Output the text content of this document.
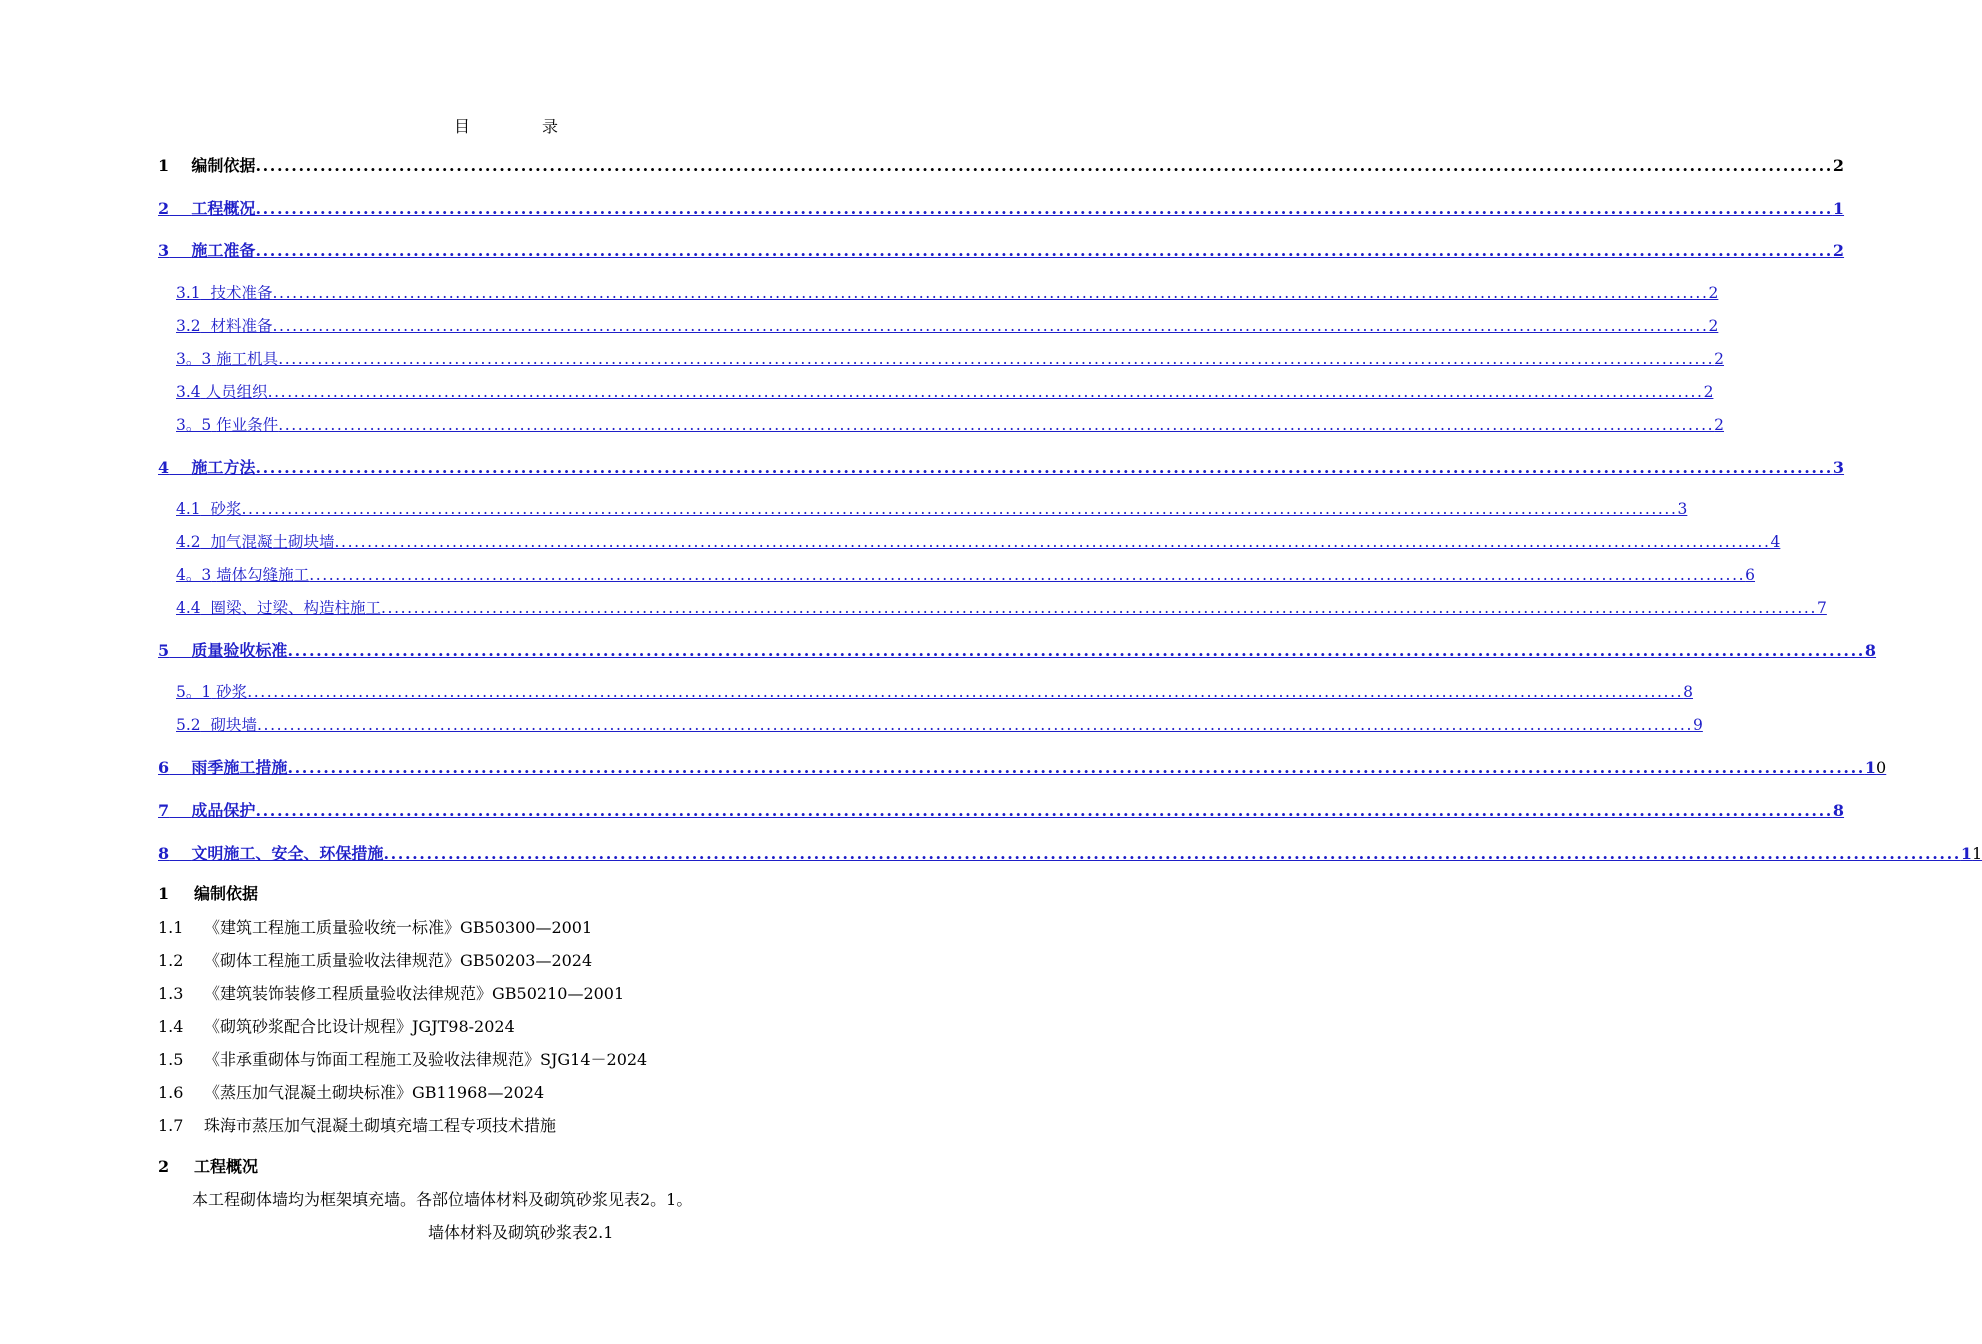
目　录
1
编制依据 ............................................................................................................................................................................................................................ 2
2
工程概况 ............................................................................................................................................................................................................................ 1
3
施工准备 ............................................................................................................................................................................................................................ 2
3.1
技术准备 ............................................................................................................................................................................................................................ 2
3.2
材料准备 ............................................................................................................................................................................................................................ 2
3。3
施工机具 ............................................................................................................................................................................................................................ 2
3.4
人员组织 ............................................................................................................................................................................................................................ 2
3。5
作业条件 ............................................................................................................................................................................................................................ 2
4
施工方法 ............................................................................................................................................................................................................................ 3
4.1
砂浆 ............................................................................................................................................................................................................................ 3
4.2
加气混凝土砌块墙 ............................................................................................................................................................................................................................ 4
4。3
墙体勾缝施工 ............................................................................................................................................................................................................................ 6
4.4
圈梁、过梁、构造柱施工 ............................................................................................................................................................................................................................ 7
5
质量验收标准 ............................................................................................................................................................................................................................ 8
5。1
砂浆 ............................................................................................................................................................................................................................ 8
5.2
砌块墙 ............................................................................................................................................................................................................................ 9
6
雨季施工措施 ............................................................................................................................................................................................................................ 1 0
7
成品保护 ............................................................................................................................................................................................................................ 8
8
文明施工、安全、环保措施 ............................................................................................................................................................................................................................ 1 1
1 编制依据
1.1 《建筑工程施工质量验收统一标准》GB50300—2001
1.2 《砌体工程施工质量验收法律规范》GB50203—2024
1.3 《建筑装饰装修工程质量验收法律规范》GB50210—2001
1.4 《砌筑砂浆配合比设计规程》JGJT98-2024
1.5 《非承重砌体与饰面工程施工及验收法律规范》SJG14－2024
1.6 《蒸压加气混凝土砌块标准》GB11968—2024
1.7 珠海市蒸压加气混凝土砌填充墙工程专项技术措施
2 工程概况
本工程砌体墙均为框架填充墙。各部位墙体材料及砌筑砂浆见表2。1。
墙体材料及砌筑砂浆表2.1
